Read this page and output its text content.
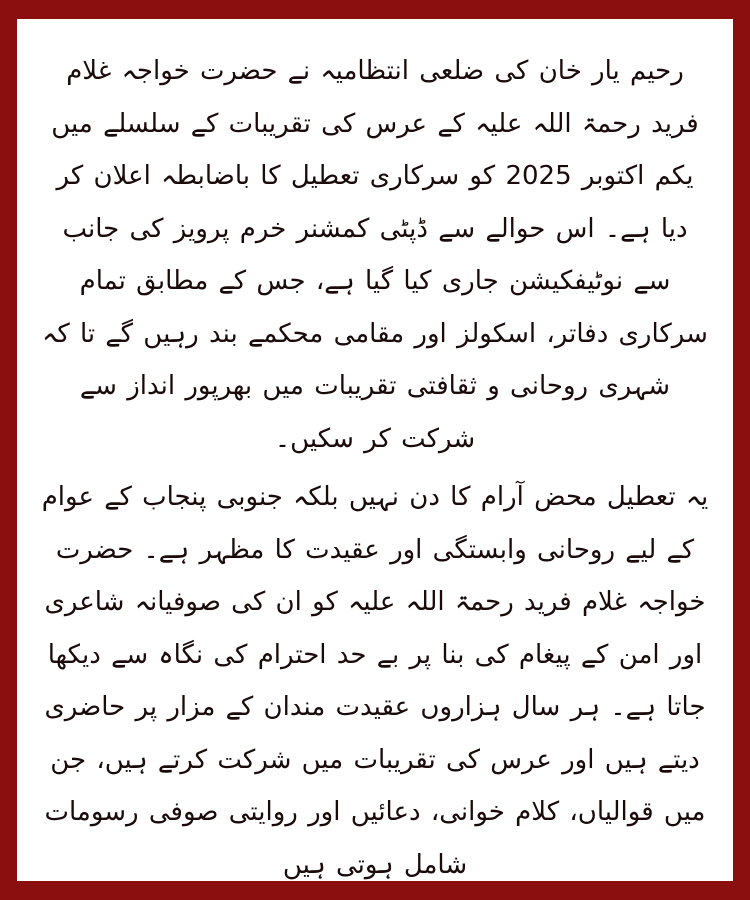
رحیم یار خان کی ضلعی انتظامیہ نے حضرت خواجہ غلام فرید رحمۃ اللہ علیہ کے عرس کی تقریبات کے سلسلے میں یکم اکتوبر 2025 کو سرکاری تعطیل کا باضابطہ اعلان کر دیا ہے۔ اس حوالے سے ڈپٹی کمشنر خرم پرویز کی جانب سے نوٹیفکیشن جاری کیا گیا ہے، جس کے مطابق تمام سرکاری دفاتر، اسکولز اور مقامی محکمے بند رہیں گے تا کہ شہری روحانی و ثقافتی تقریبات میں بھرپور انداز سے شرکت کر سکیں۔

یہ تعطیل محض آرام کا دن نہیں بلکہ جنوبی پنجاب کے عوام کے لیے روحانی وابستگی اور عقیدت کا مظہر ہے۔ حضرت خواجہ غلام فرید رحمۃ اللہ علیہ کو ان کی صوفیانہ شاعری اور امن کے پیغام کی بنا پر بے حد احترام کی نگاہ سے دیکھا جاتا ہے۔ ہر سال ہزاروں عقیدت مندان کے مزار پر حاضری دیتے ہیں اور عرس کی تقریبات میں شرکت کرتے ہیں، جن میں قوالیاں، کلام خوانی، دعائیں اور روایتی صوفی رسومات شامل ہوتی ہیں
